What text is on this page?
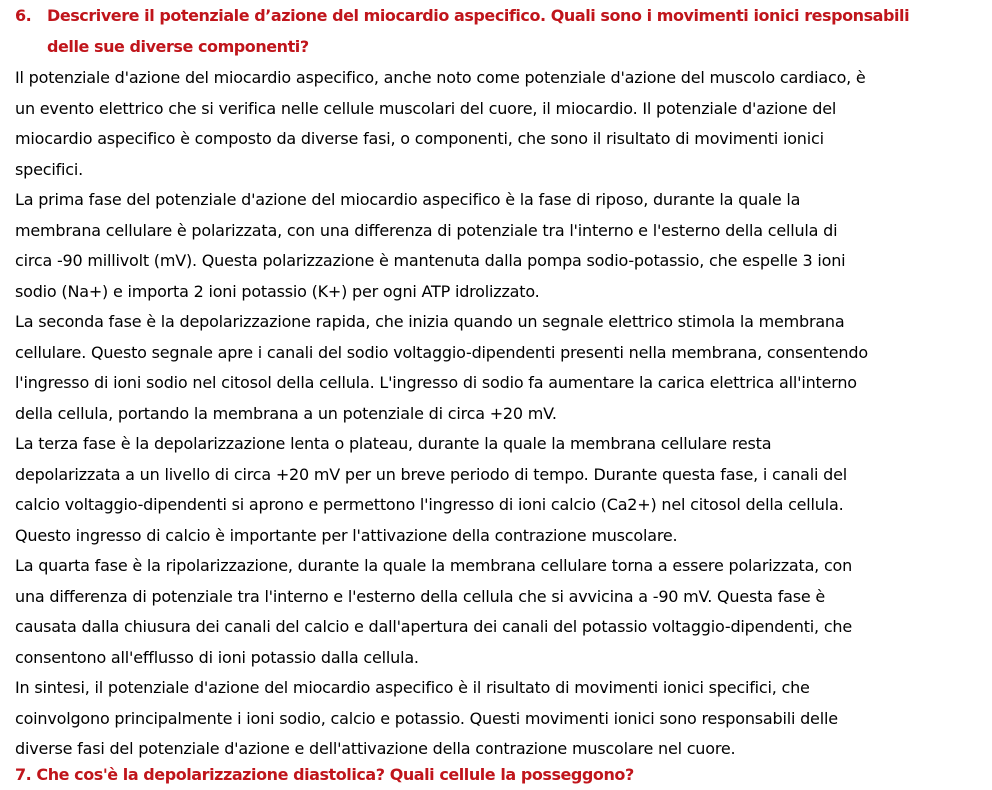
6. Descrivere il potenziale d’azione del miocardio aspecifico. Quali sono i movimenti ionici responsabili
delle sue diverse componenti?
Il potenziale d'azione del miocardio aspecifico, anche noto come potenziale d'azione del muscolo cardiaco, è
un evento elettrico che si verifica nelle cellule muscolari del cuore, il miocardio. Il potenziale d'azione del
miocardio aspecifico è composto da diverse fasi, o componenti, che sono il risultato di movimenti ionici
specifici.
La prima fase del potenziale d'azione del miocardio aspecifico è la fase di riposo, durante la quale la
membrana cellulare è polarizzata, con una differenza di potenziale tra l'interno e l'esterno della cellula di
circa -90 millivolt (mV). Questa polarizzazione è mantenuta dalla pompa sodio-potassio, che espelle 3 ioni
sodio (Na+) e importa 2 ioni potassio (K+) per ogni ATP idrolizzato.
La seconda fase è la depolarizzazione rapida, che inizia quando un segnale elettrico stimola la membrana
cellulare. Questo segnale apre i canali del sodio voltaggio-dipendenti presenti nella membrana, consentendo
l'ingresso di ioni sodio nel citosol della cellula. L'ingresso di sodio fa aumentare la carica elettrica all'interno
della cellula, portando la membrana a un potenziale di circa +20 mV.
La terza fase è la depolarizzazione lenta o plateau, durante la quale la membrana cellulare resta
depolarizzata a un livello di circa +20 mV per un breve periodo di tempo. Durante questa fase, i canali del
calcio voltaggio-dipendenti si aprono e permettono l'ingresso di ioni calcio (Ca2+) nel citosol della cellula.
Questo ingresso di calcio è importante per l'attivazione della contrazione muscolare.
La quarta fase è la ripolarizzazione, durante la quale la membrana cellulare torna a essere polarizzata, con
una differenza di potenziale tra l'interno e l'esterno della cellula che si avvicina a -90 mV. Questa fase è
causata dalla chiusura dei canali del calcio e dall'apertura dei canali del potassio voltaggio-dipendenti, che
consentono all'efflusso di ioni potassio dalla cellula.
In sintesi, il potenziale d'azione del miocardio aspecifico è il risultato di movimenti ionici specifici, che
coinvolgono principalmente i ioni sodio, calcio e potassio. Questi movimenti ionici sono responsabili delle
diverse fasi del potenziale d'azione e dell'attivazione della contrazione muscolare nel cuore.
7. Che cos'è la depolarizzazione diastolica? Quali cellule la posseggono?
